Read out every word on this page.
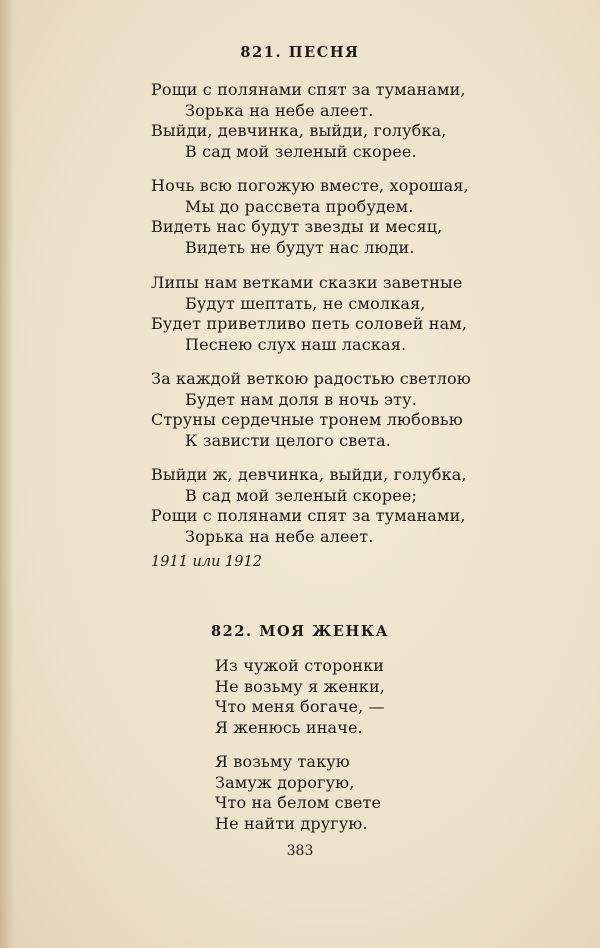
821. ПЕСНЯ
Рощи с полянами спят за туманами,
Зорька на небе алеет.
Выйди, девчинка, выйди, голубка,
В сад мой зеленый скорее.
Ночь всю погожую вместе, хорошая,
Мы до рассвета пробудем.
Видеть нас будут звезды и месяц,
Видеть не будут нас люди.
Липы нам ветками сказки заветные
Будут шептать, не смолкая,
Будет приветливо петь соловей нам,
Песнею слух наш лаская.
За каждой веткою радостью светлою
Будет нам доля в ночь эту.
Струны сердечные тронем любовью
К зависти целого света.
Выйди ж, девчинка, выйди, голубка,
В сад мой зеленый скорее;
Рощи с полянами спят за туманами,
Зорька на небе алеет.
1911 или 1912
822. МОЯ ЖЕНКА
Из чужой сторонки
Не возьму я женки,
Что меня богаче, —
Я женюсь иначе.
Я возьму такую
Замуж дорогую,
Что на белом свете
Не найти другую.
383
